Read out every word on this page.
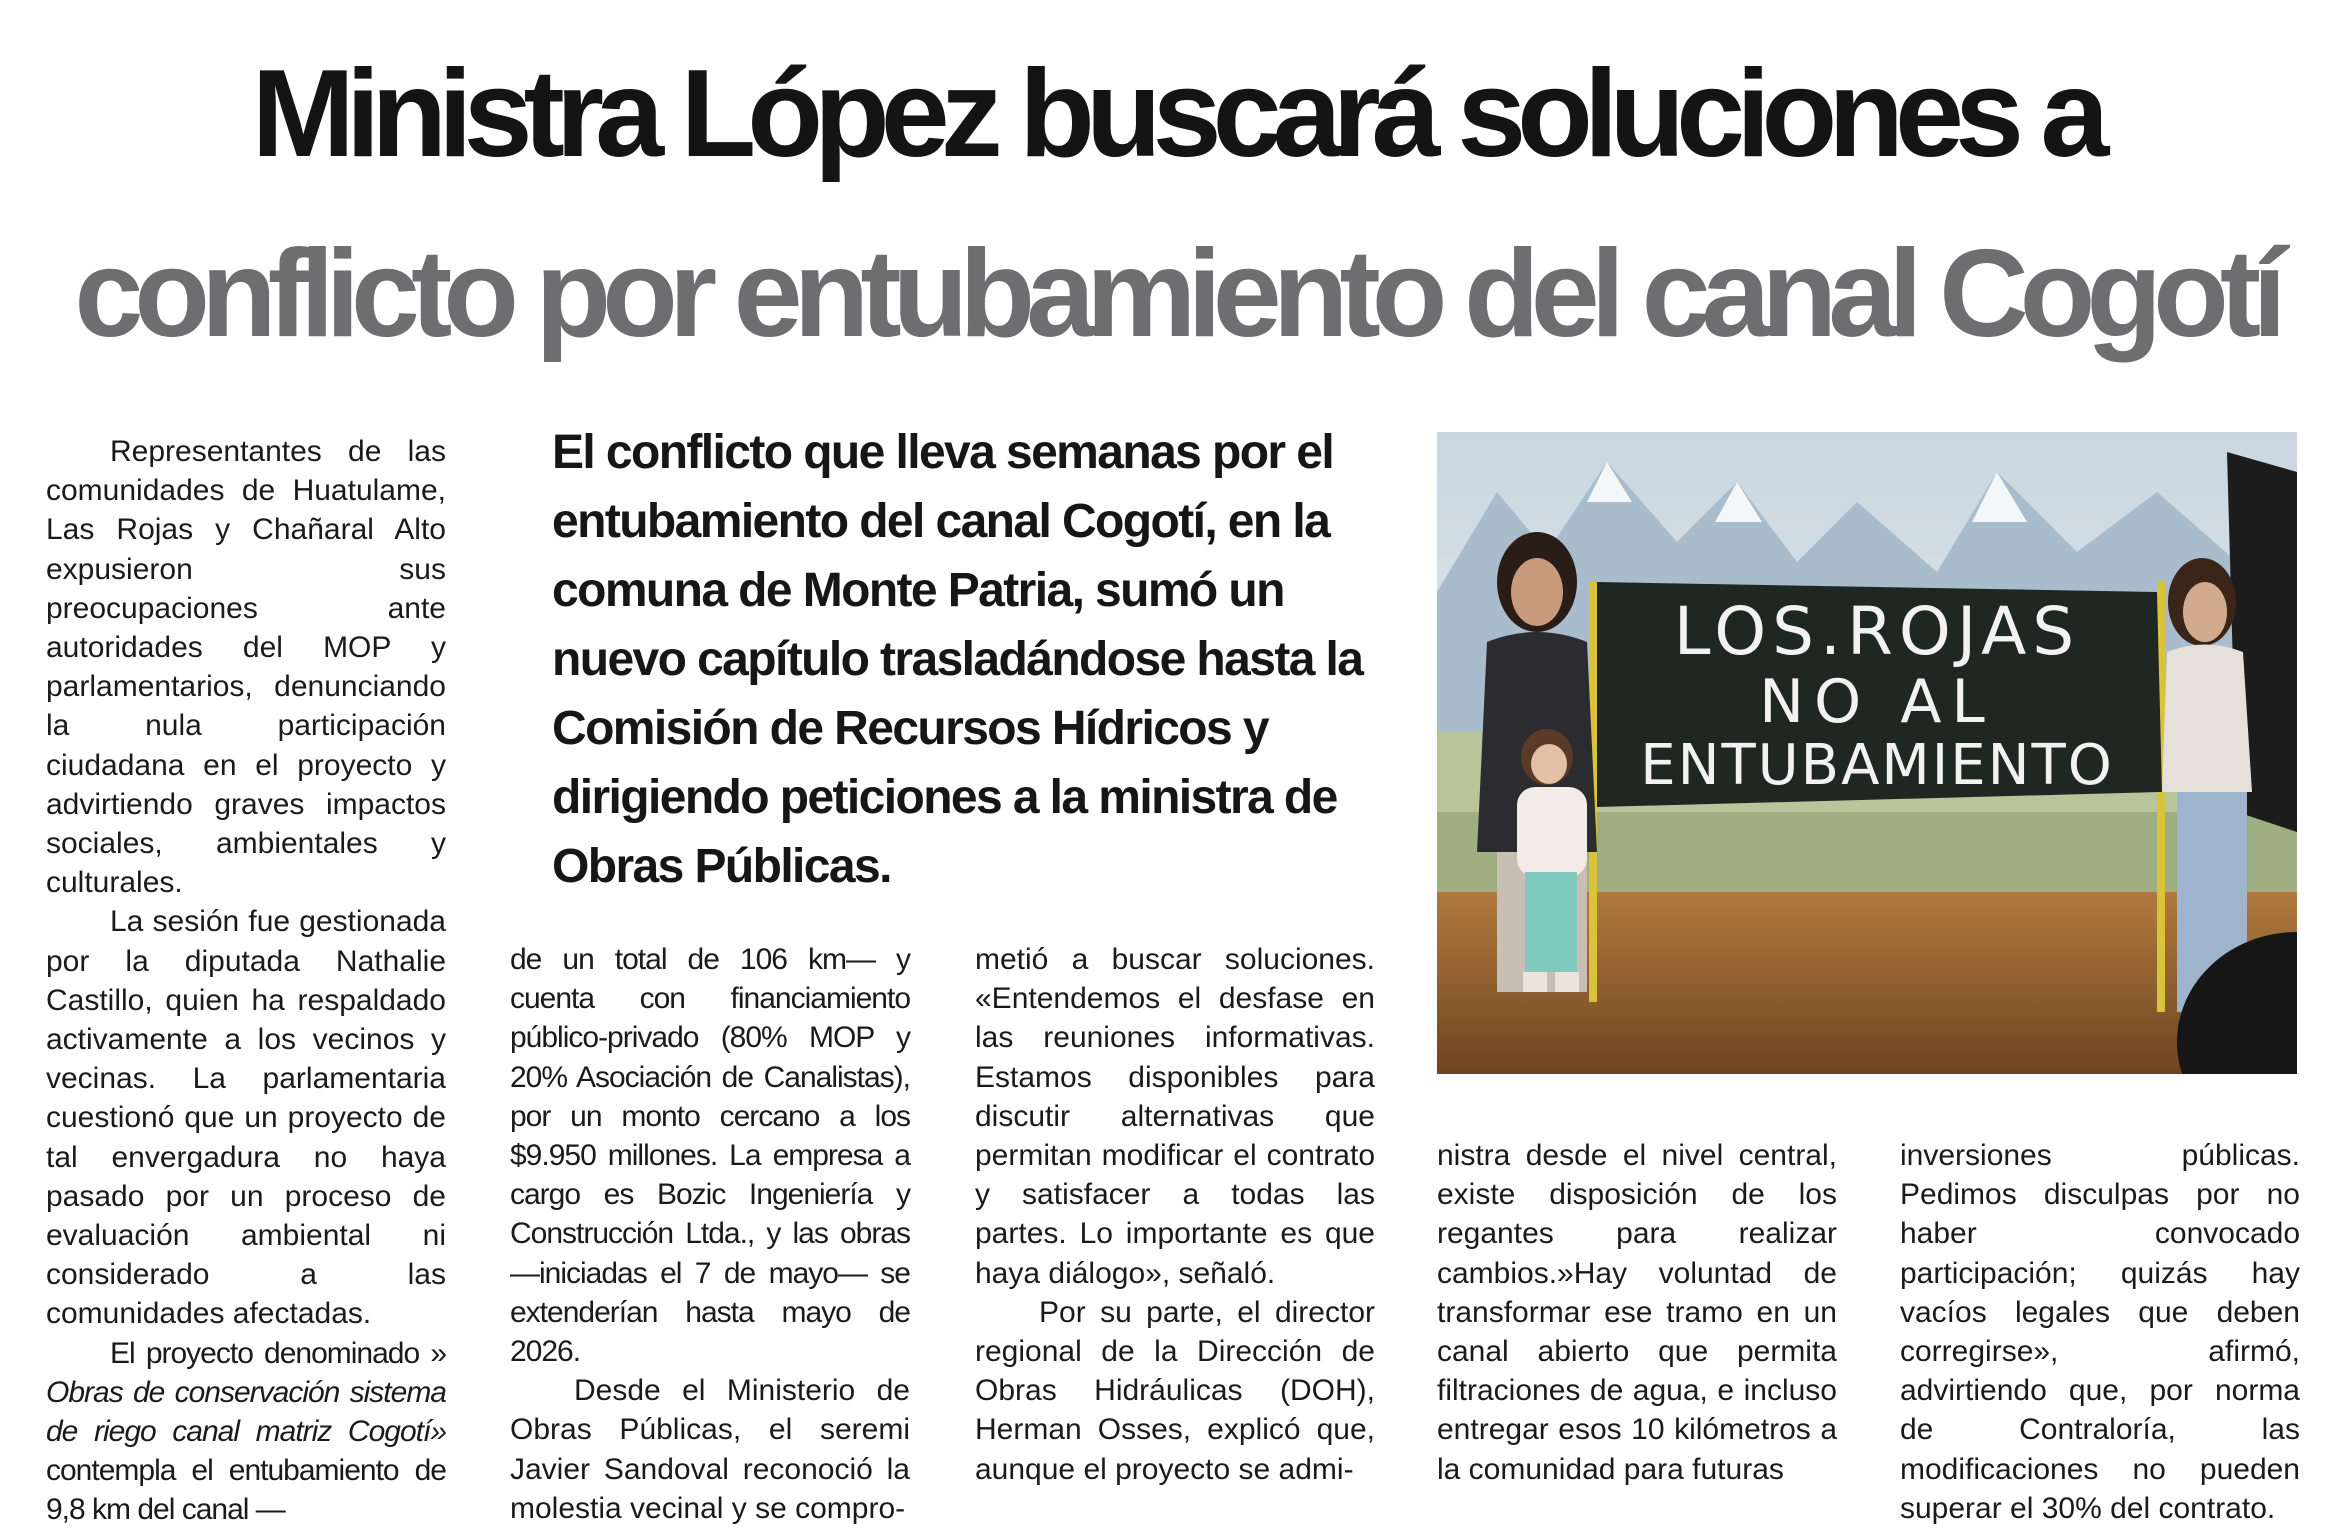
Ministra López buscará soluciones a
conflicto por entubamiento del canal Cogotí

Representantes de las comunidades de Huatulame, Las Rojas y Chañaral Alto expusieron sus preocupaciones ante autoridades del MOP y parlamentarios, denunciando la nula participación ciudadana en el proyecto y advirtiendo graves impactos sociales, ambientales y culturales.

La sesión fue gestionada por la diputada Nathalie Castillo, quien ha respaldado activamente a los vecinos y vecinas. La parlamentaria cuestionó que un proyecto de tal envergadura no haya pasado por un proceso de evaluación ambiental ni considerado a las comunidades afectadas.

El proyecto denominado » Obras de conservación sistema de riego canal matriz Cogotí» contempla el entubamiento de 9,8 km del canal —

El conflicto que lleva semanas por el entubamiento del canal Cogotí, en la comuna de Monte Patria, sumó un nuevo capítulo trasladándose hasta la Comisión de Recursos Hídricos y dirigiendo peticiones a la ministra de Obras Públicas.

de un total de 106 km— y cuenta con financiamiento público-privado (80% MOP y 20% Asociación de Canalistas), por un monto cercano a los $9.950 millones. La empresa a cargo es Bozic Ingeniería y Construcción Ltda., y las obras —iniciadas el 7 de mayo— se extenderían hasta mayo de 2026.

Desde el Ministerio de Obras Públicas, el seremi Javier Sandoval reconoció la molestia vecinal y se compro-

metió a buscar soluciones. «Entendemos el desfase en las reuniones informativas. Estamos disponibles para discutir alternativas que permitan modificar el contrato y satisfacer a todas las partes. Lo importante es que haya diálogo», señaló.

Por su parte, el director regional de la Dirección de Obras Hidráulicas (DOH), Herman Osses, explicó que, aunque el proyecto se admi-

nistra desde el nivel central, existe disposición de los regantes para realizar cambios.»Hay voluntad de transformar ese tramo en un canal abierto que permita filtraciones de agua, e incluso entregar esos 10 kilómetros a la comunidad para futuras

inversiones públicas. Pedimos disculpas por no haber convocado participación; quizás hay vacíos legales que deben corregirse», afirmó, advirtiendo que, por norma de Contraloría, las modificaciones no pueden superar el 30% del contrato.

LOS.ROJAS
NO AL
ENTUBAMIENTO
